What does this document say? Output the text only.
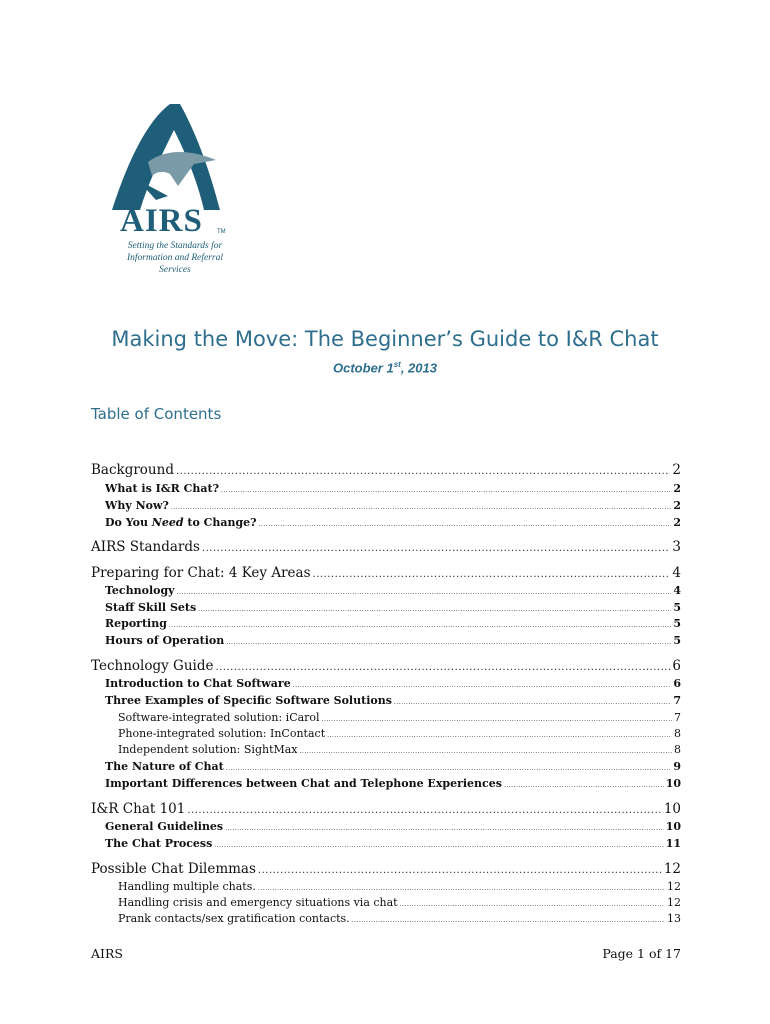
AIRS TM
Setting the Standards for
Information and Referral Services
Making the Move: The Beginner’s Guide to I&R Chat
October 1st, 2013
Table of Contents
Background .....	2
What is I&R Chat? .....	2
Why Now? .....	2
Do You Need to Change? .....	2
AIRS Standards .....	3
Preparing for Chat: 4 Key Areas .....	4
Technology .....	4
Staff Skill Sets .....	5
Reporting .....	5
Hours of Operation .....	5
Technology Guide .....	6
Introduction to Chat Software .....	6
Three Examples of Specific Software Solutions .....	7
Software-integrated solution: iCarol .....	7
Phone-integrated solution: InContact .....	8
Independent solution: SightMax .....	8
The Nature of Chat .....	9
Important Differences between Chat and Telephone Experiences .....	10
I&R Chat 101 .....	10
General Guidelines .....	10
The Chat Process .....	11
Possible Chat Dilemmas .....	12
Handling multiple chats. .....	12
Handling crisis and emergency situations via chat .....	12
Prank contacts/sex gratification contacts. .....	13
AIRS	Page 1 of 17
